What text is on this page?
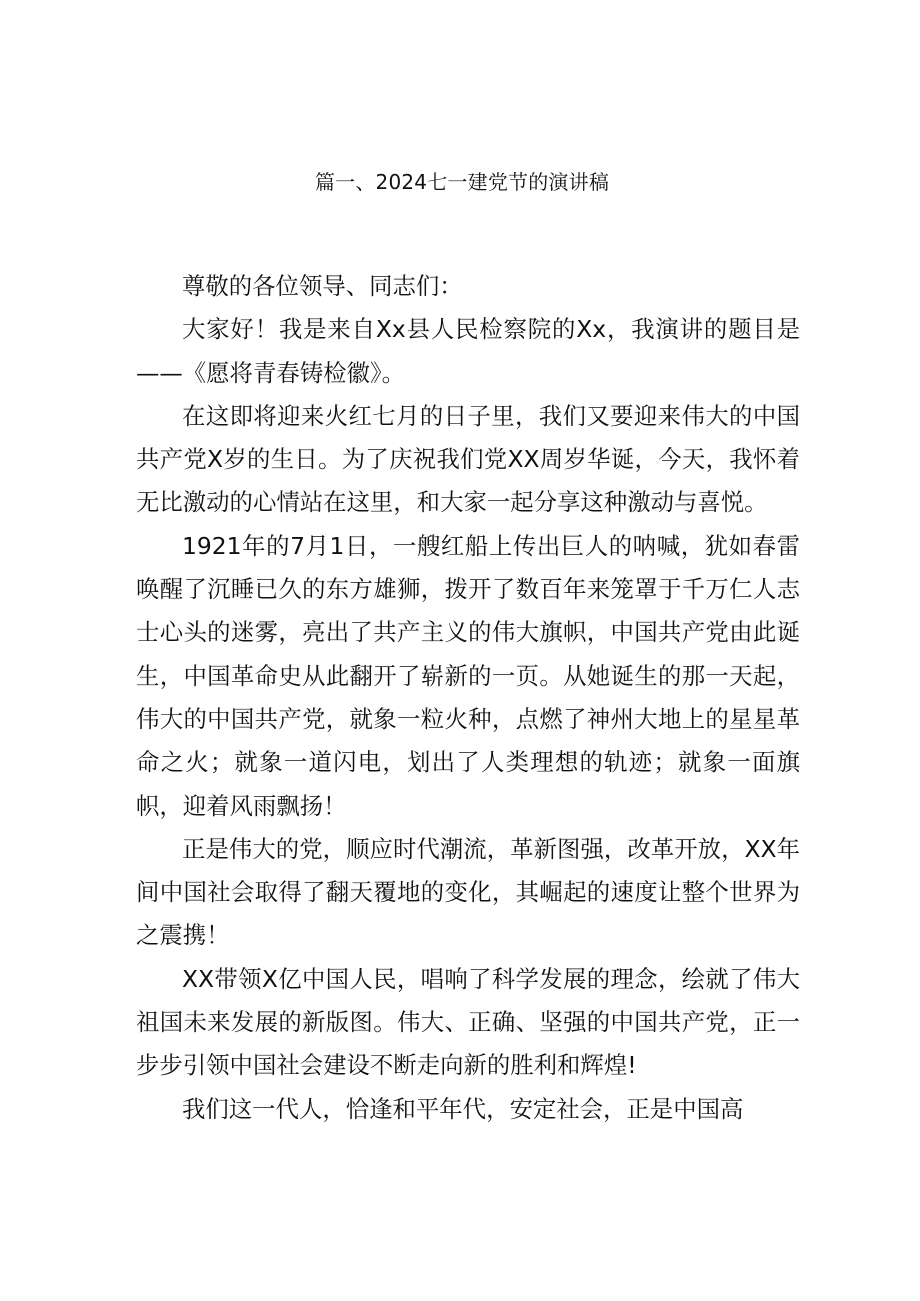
篇一、2024七一建党节的演讲稿

尊敬的各位领导、同志们：

大家好！我是来自Xx县人民检察院的Xx，我演讲的题目是——《愿将青春铸检徽》。

在这即将迎来火红七月的日子里，我们又要迎来伟大的中国共产党X岁的生日。为了庆祝我们党XX周岁华诞，今天，我怀着无比激动的心情站在这里，和大家一起分享这种激动与喜悦。

1921年的7月1日，一艘红船上传出巨人的呐喊，犹如春雷唤醒了沉睡已久的东方雄狮，拨开了数百年来笼罩于千万仁人志士心头的迷雾，亮出了共产主义的伟大旗帜，中国共产党由此诞生，中国革命史从此翻开了崭新的一页。从她诞生的那一天起，伟大的中国共产党，就象一粒火种，点燃了神州大地上的星星革命之火；就象一道闪电，划出了人类理想的轨迹；就象一面旗帜，迎着风雨飘扬！

正是伟大的党，顺应时代潮流，革新图强，改革开放，XX年间中国社会取得了翻天覆地的变化，其崛起的速度让整个世界为之震携！

XX带领X亿中国人民，唱响了科学发展的理念，绘就了伟大祖国未来发展的新版图。伟大、正确、坚强的中国共产党，正一步步引领中国社会建设不断走向新的胜利和辉煌!

我们这一代人，恰逢和平年代，安定社会，正是中国高
